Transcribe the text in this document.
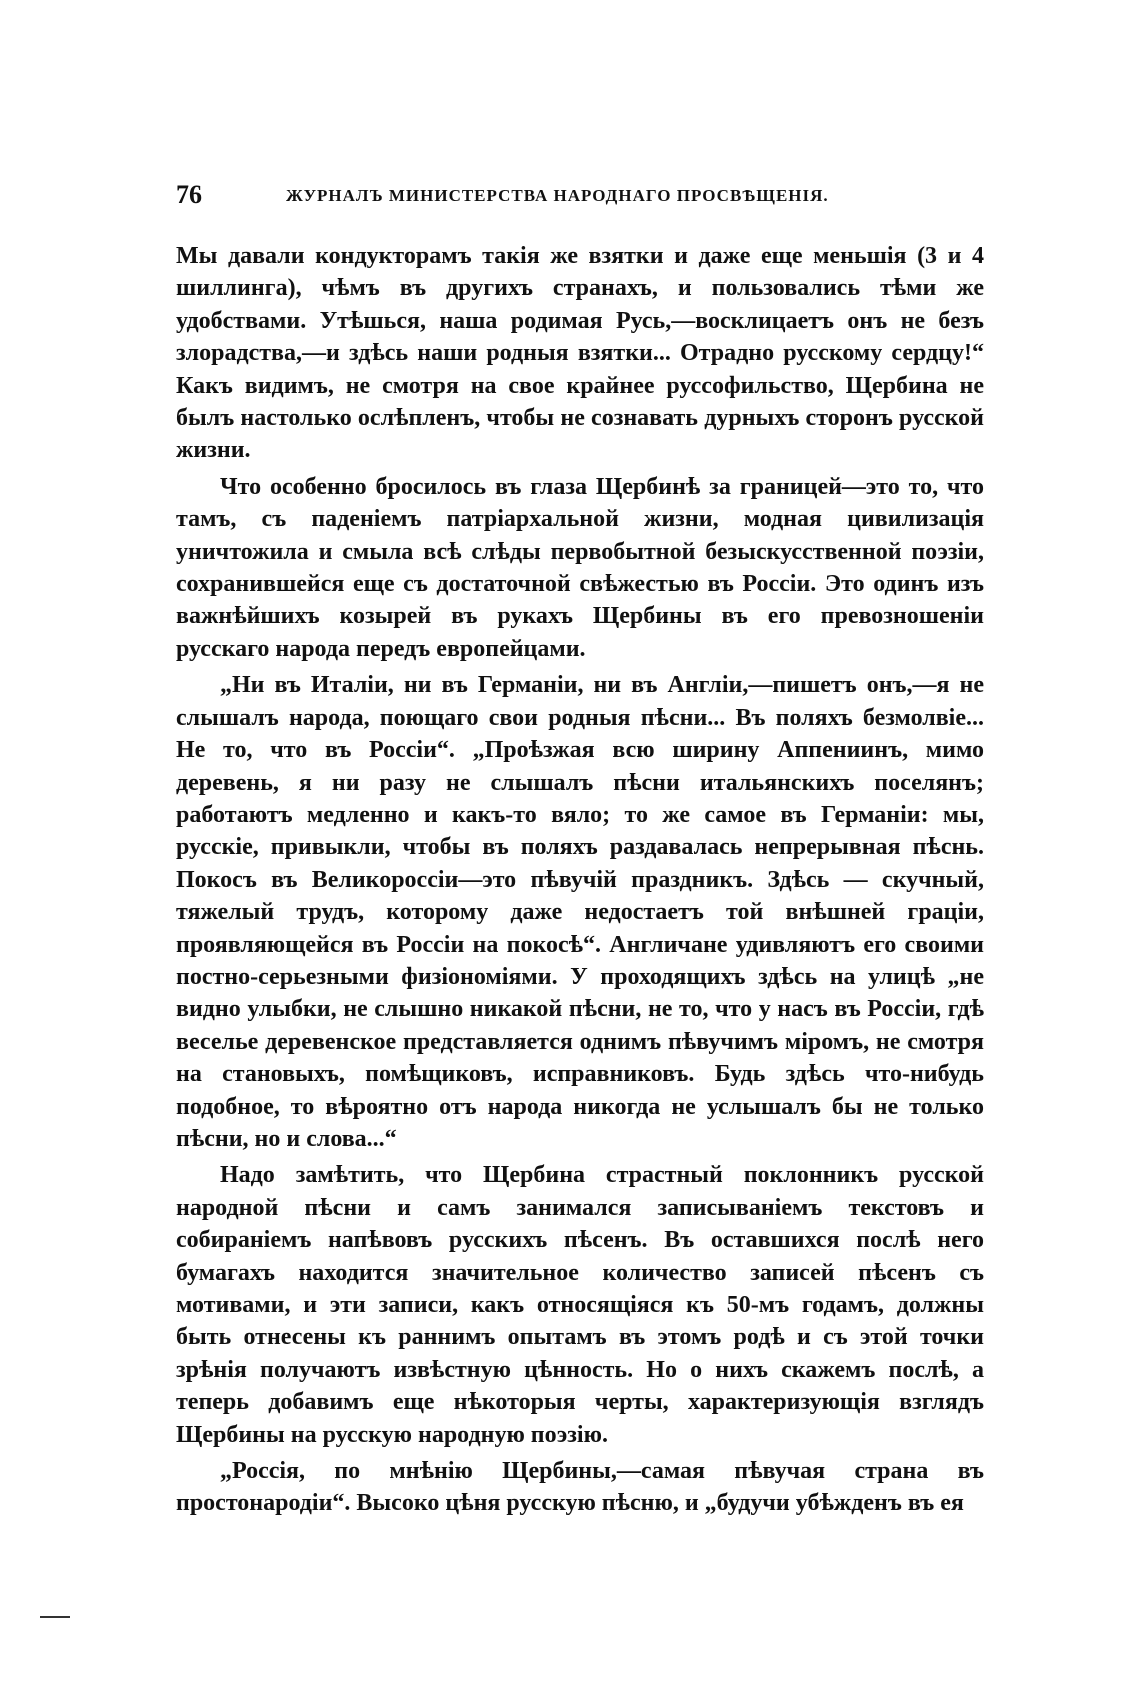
76	ЖУРНАЛЪ МИНИСТЕРСТВА НАРОДНАГО ПРОСВѢЩЕНІЯ.

Мы давали кондукторамъ такія же взятки и даже еще меньшія (3 и 4 шиллинга), чѣмъ въ другихъ странахъ, и пользовались тѣми же удобствами. Утѣшься, наша родимая Русь,—восклицаетъ онъ не безъ злорадства,—и здѣсь наши родныя взятки... Отрадно русскому сердцу!“ Какъ видимъ, не смотря на свое крайнее руссофильство, Щербина не былъ настолько ослѣпленъ, чтобы не сознавать дурныхъ сторонъ русской жизни.

Что особенно бросилось въ глаза Щербинѣ за границей—это то, что тамъ, съ паденіемъ патріархальной жизни, модная цивилизація уничтожила и смыла всѣ слѣды первобытной безыскусственной поэзіи, сохранившейся еще съ достаточной свѣжестью въ Россіи. Это одинъ изъ важнѣйшихъ козырей въ рукахъ Щербины въ его превозношеніи русскаго народа передъ европейцами.

„Ни въ Италіи, ни въ Германіи, ни въ Англіи,—пишетъ онъ,—я не слышалъ народа, поющаго свои родныя пѣсни... Въ поляхъ безмолвіе... Не то, что въ Россіи“. „Проѣзжая всю ширину Аппениинъ, мимо деревень, я ни разу не слышалъ пѣсни итальянскихъ поселянъ; работаютъ медленно и какъ-то вяло; то же самое въ Германіи: мы, русскіе, привыкли, чтобы въ поляхъ раздавалась непрерывная пѣснь. Покосъ въ Великороссіи—это пѣвучій праздникъ. Здѣсь — скучный, тяжелый трудъ, которому даже недостаетъ той внѣшней граціи, проявляющейся въ Россіи на покосѣ“. Англичане удивляютъ его своими постно-серьезными физіономіями. У проходящихъ здѣсь на улицѣ „не видно улыбки, не слышно никакой пѣсни, не то, что у насъ въ Россіи, гдѣ веселье деревенское представляется однимъ пѣвучимъ міромъ, не смотря на становыхъ, помѣщиковъ, исправниковъ. Будь здѣсь что-нибудь подобное, то вѣроятно отъ народа никогда не услышалъ бы не только пѣсни, но и слова...“

Надо замѣтить, что Щербина страстный поклонникъ русской народной пѣсни и самъ занимался записываніемъ текстовъ и собираніемъ напѣвовъ русскихъ пѣсенъ. Въ оставшихся послѣ него бумагахъ находится значительное количество записей пѣсенъ съ мотивами, и эти записи, какъ относящіяся къ 50-мъ годамъ, должны быть отнесены къ раннимъ опытамъ въ этомъ родѣ и съ этой точки зрѣнія получаютъ извѣстную цѣнность. Но о нихъ скажемъ послѣ, а теперь добавимъ еще нѣкоторыя черты, характеризующія взглядъ Щербины на русскую народную поэзію.

„Россія, по мнѣнію Щербины,—самая пѣвучая страна въ простонародіи“. Высоко цѣня русскую пѣсню, и „будучи убѣжденъ въ ея
